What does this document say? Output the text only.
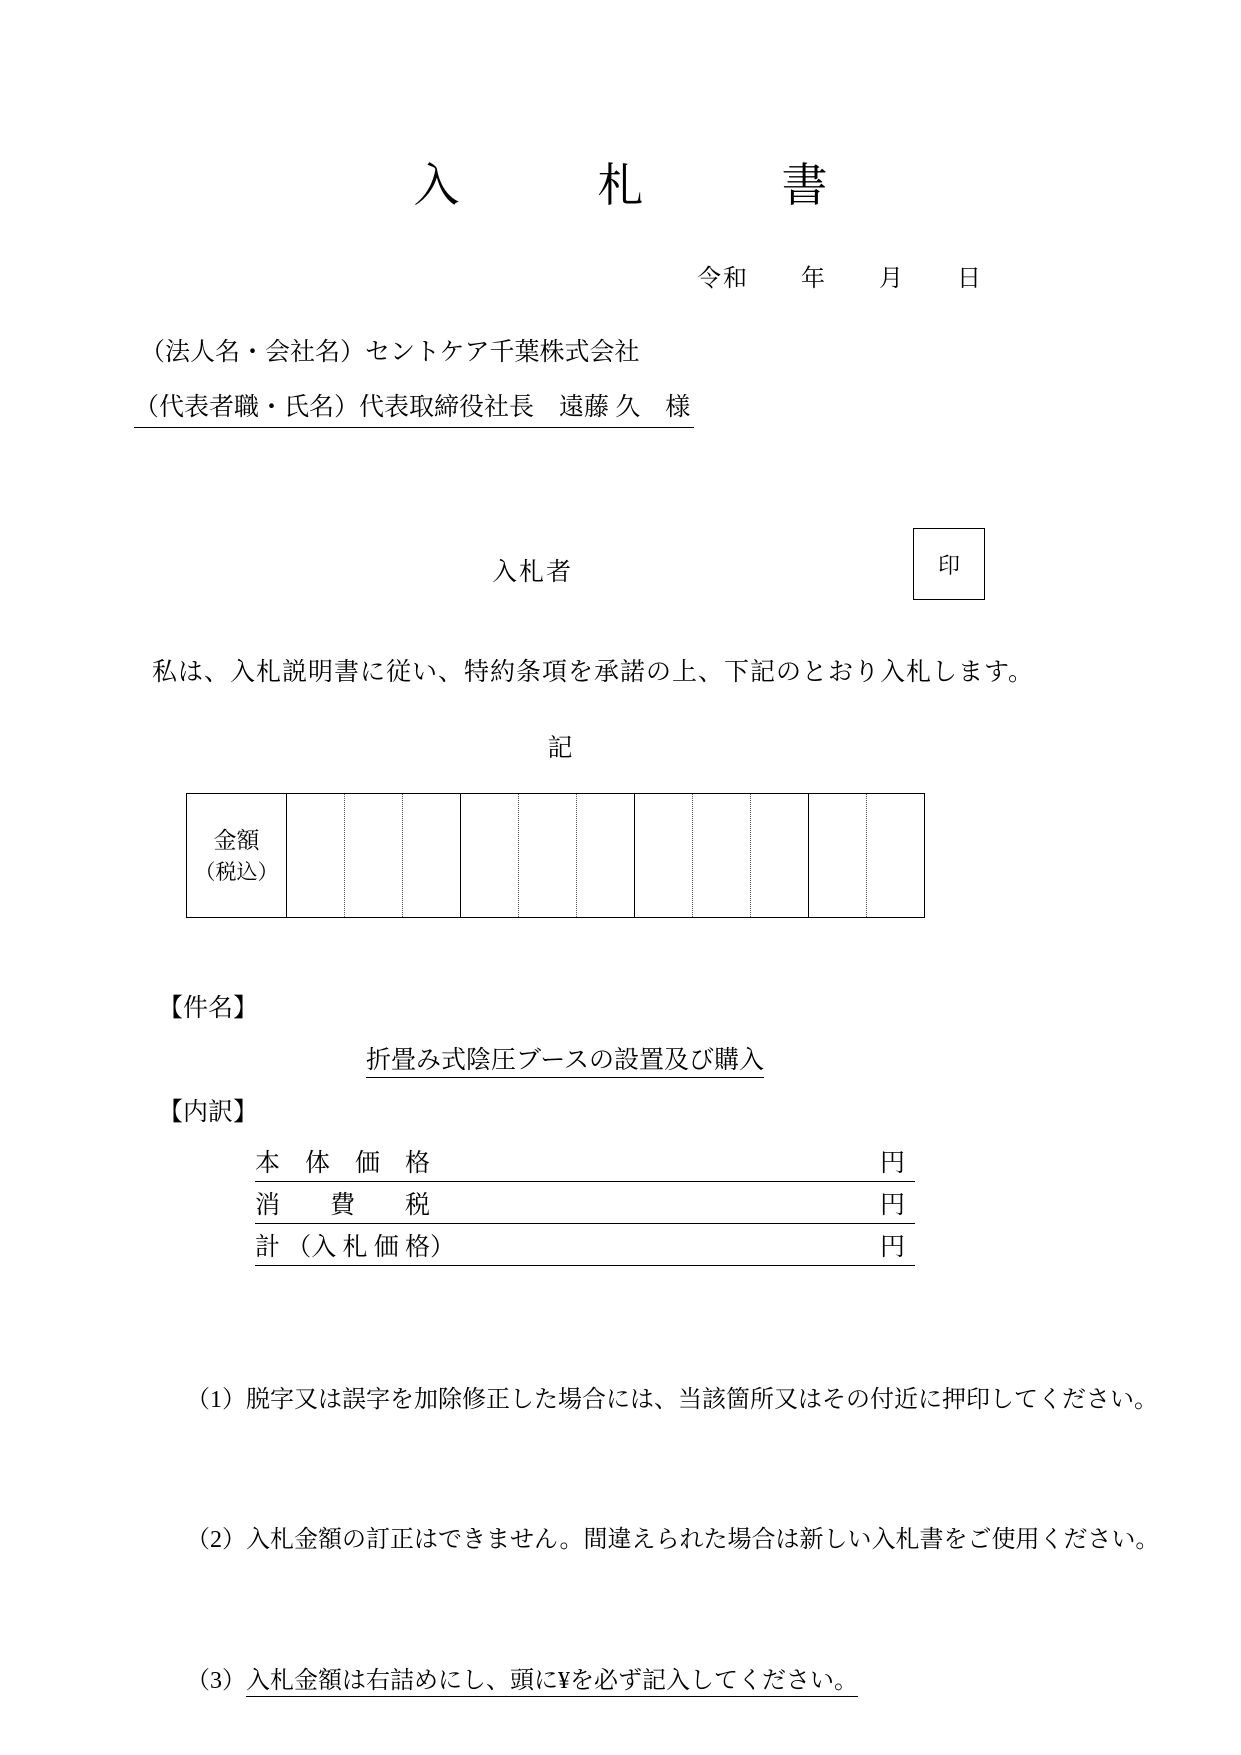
入　札　書
令和　　年　　月　　日
（法人名・会社名）セントケア千葉株式会社
（代表者職・氏名）代表取締役社長　遠藤 久　様
入札者	印
私は、入札説明書に従い、特約条項を承諾の上、下記のとおり入札します。
記
金額
（税込）

【件名】
折畳み式陰圧ブースの設置及び購入
【内訳】
本　体　価　格	円
消　　費　　税	円
計 （入 札 価 格）	円

（1）脱字又は誤字を加除修正した場合には、当該箇所又はその付近に押印してください。

（2）入札金額の訂正はできません。間違えられた場合は新しい入札書をご使用ください。

（3）入札金額は右詰めにし、頭に¥を必ず記入してください。
